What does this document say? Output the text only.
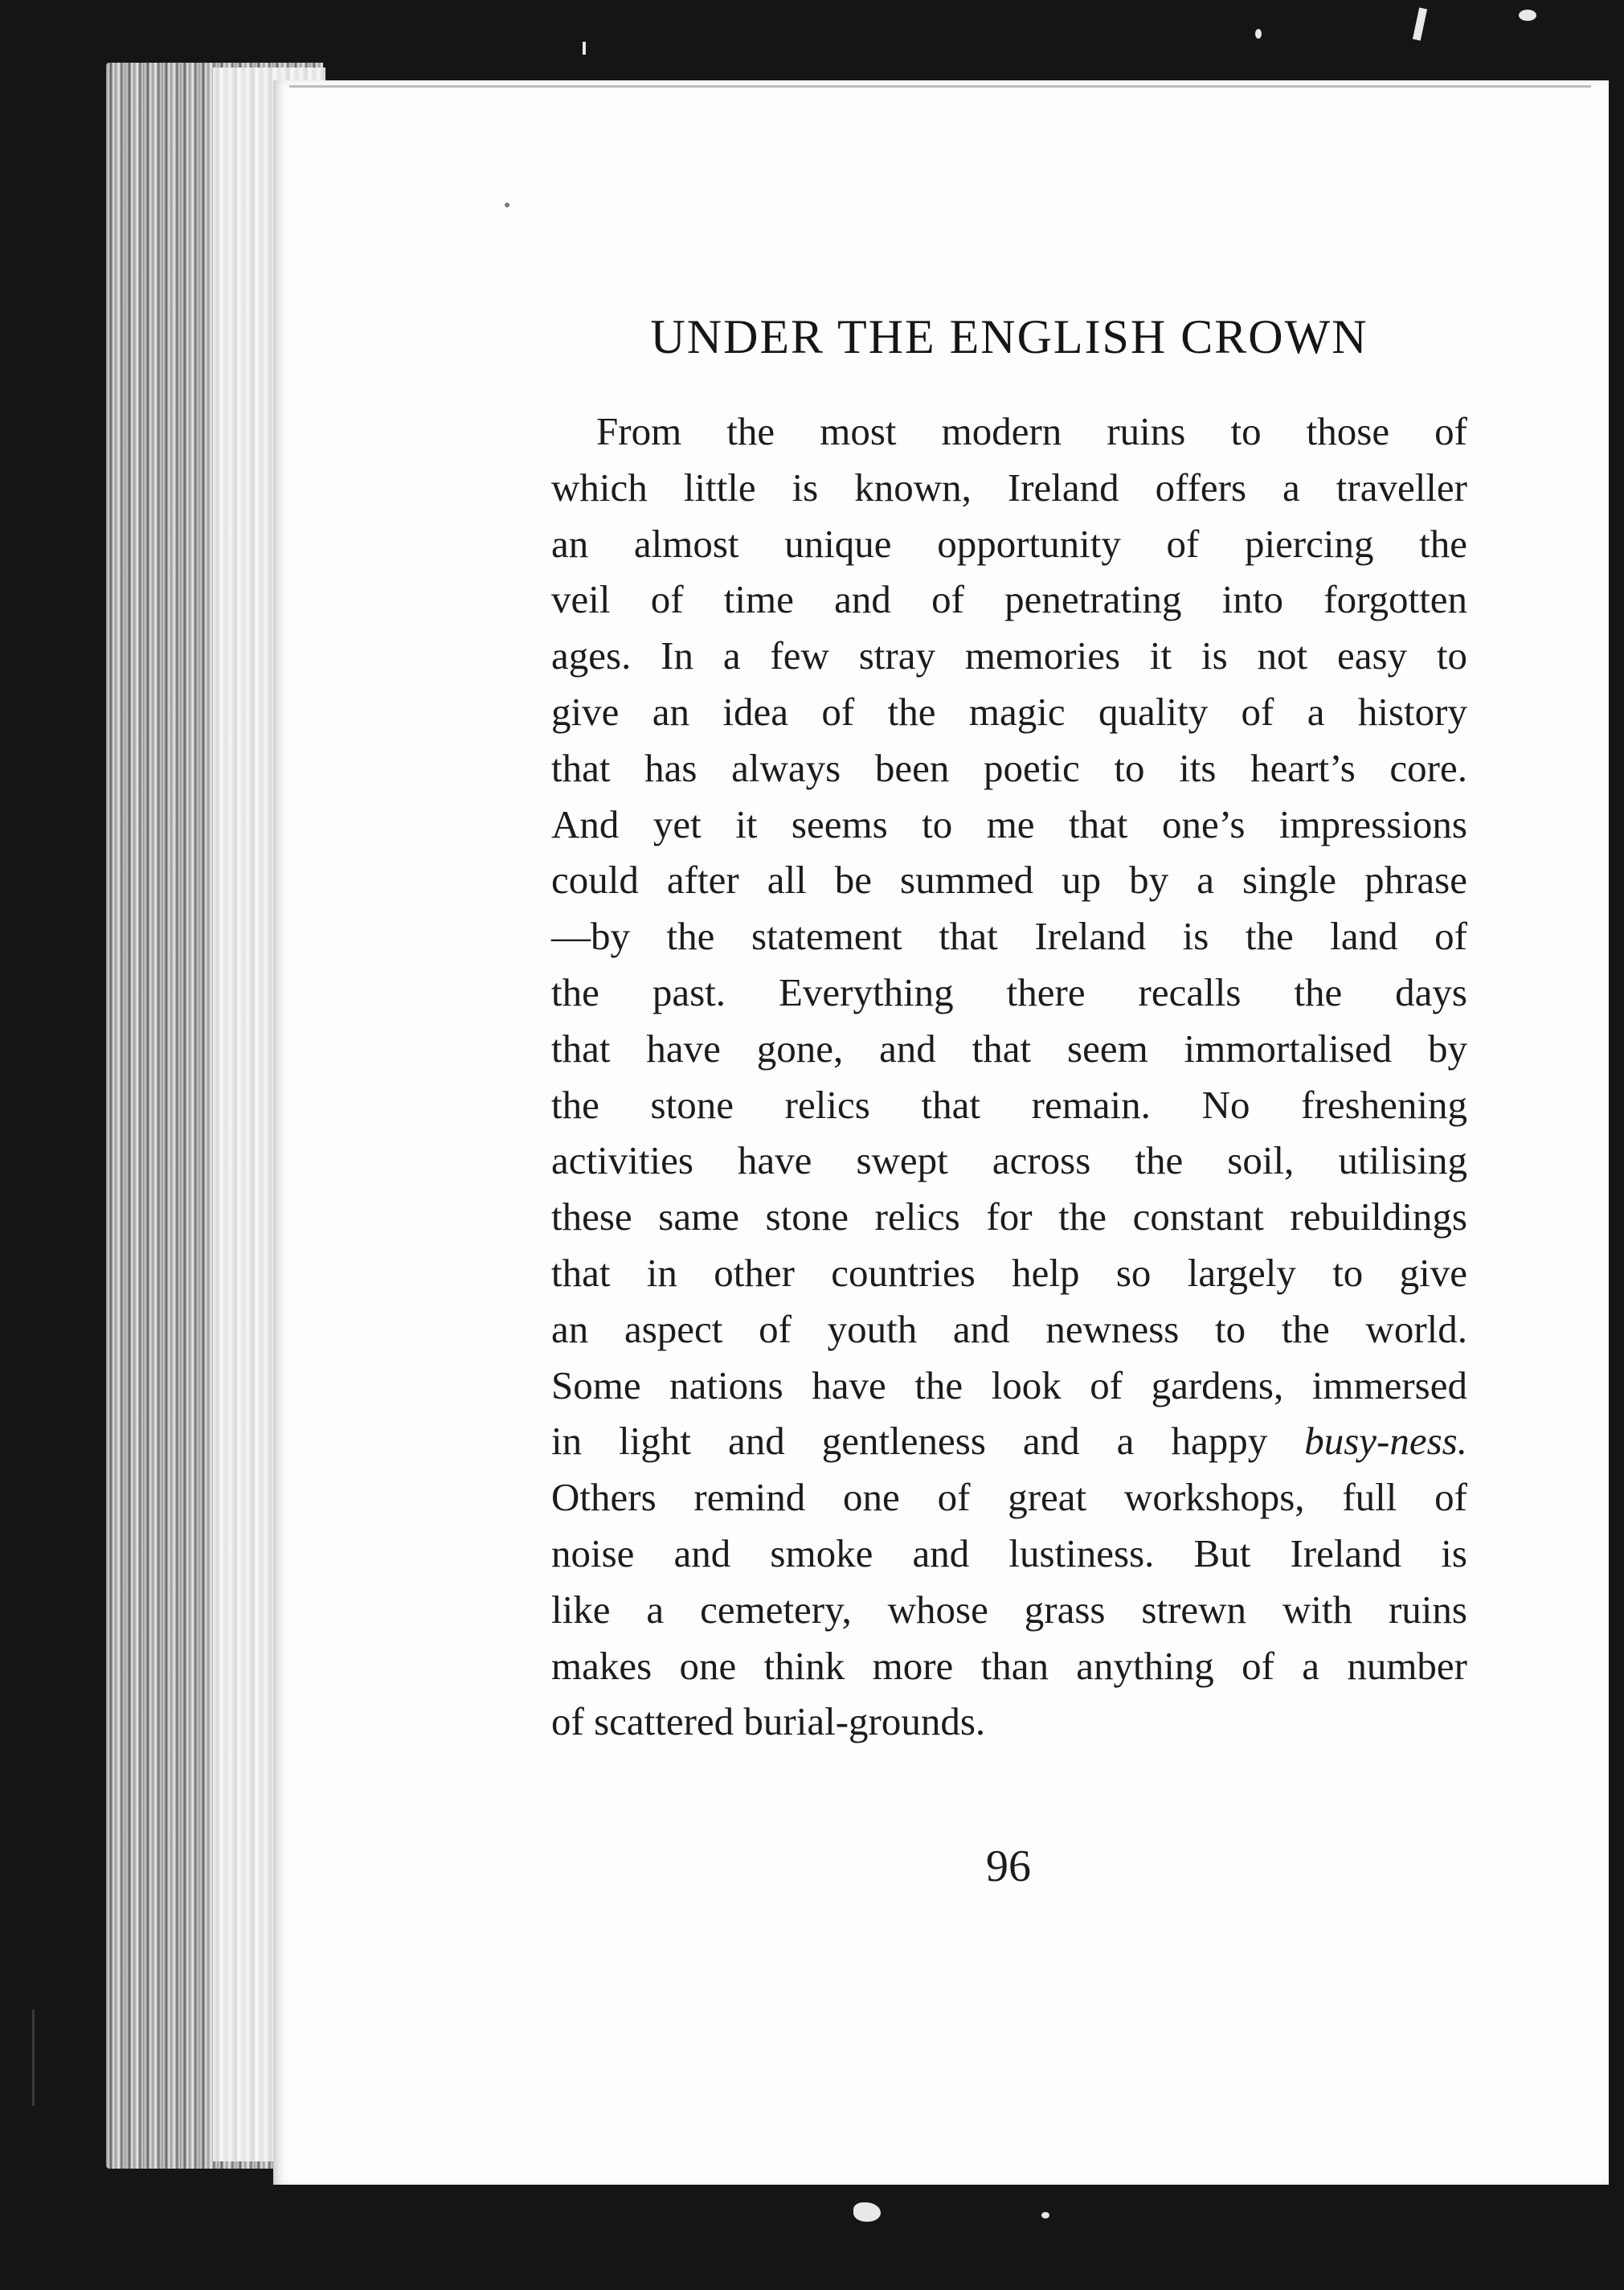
UNDER THE ENGLISH CROWN
From the most modern ruins to those of
which little is known, Ireland offers a traveller
an almost unique opportunity of piercing the
veil of time and of penetrating into forgotten
ages. In a few stray memories it is not easy to
give an idea of the magic quality of a history
that has always been poetic to its heart’s core.
And yet it seems to me that one’s impressions
could after all be summed up by a single phrase
—by the statement that Ireland is the land of
the past. Everything there recalls the days
that have gone, and that seem immortalised by
the stone relics that remain. No freshening
activities have swept across the soil, utilising
these same stone relics for the constant rebuildings
that in other countries help so largely to give
an aspect of youth and newness to the world.
Some nations have the look of gardens, immersed
in light and gentleness and a happy busy-ness.
Others remind one of great workshops, full of
noise and smoke and lustiness. But Ireland is
like a cemetery, whose grass strewn with ruins
makes one think more than anything of a number
of scattered burial-grounds.
96
